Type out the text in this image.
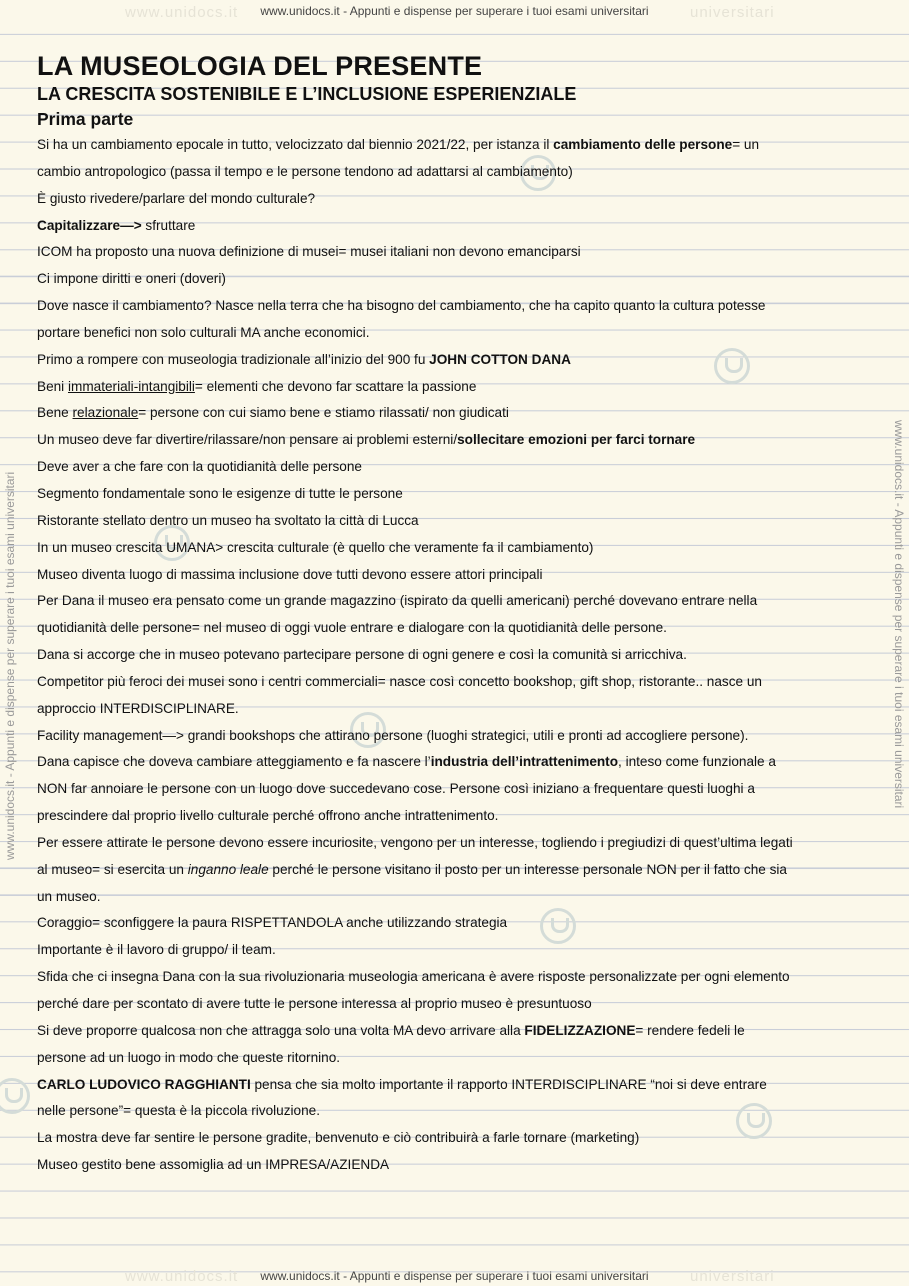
www.unidocs.it	universitari
www.unidocs.it - Appunti e dispense per superare i tuoi esami universitari
www.unidocs.it - Appunti e dispense per superare i tuoi esami universitari	www.unidocs.it - Appunti e dispense per superare i tuoi esami universitari
LA MUSEOLOGIA DEL PRESENTE
LA CRESCITA SOSTENIBILE E L’INCLUSIONE ESPERIENZIALE
Prima parte
Si ha un cambiamento epocale in tutto, velocizzato dal biennio 2021/22, per istanza il cambiamento delle persone= un
cambio antropologico (passa il tempo e le persone tendono ad adattarsi al cambiamento)
È giusto rivedere/parlare del mondo culturale?
Capitalizzare—> sfruttare
ICOM ha proposto una nuova definizione di musei= musei italiani non devono emanciparsi
Ci impone diritti e oneri (doveri)
Dove nasce il cambiamento? Nasce nella terra che ha bisogno del cambiamento, che ha capito quanto la cultura potesse
portare benefici non solo culturali MA anche economici.
Primo a rompere con museologia tradizionale all’inizio del 900 fu JOHN COTTON DANA
Beni immateriali-intangibili= elementi che devono far scattare la passione
Bene relazionale= persone con cui siamo bene e stiamo rilassati/ non giudicati
Un museo deve far divertire/rilassare/non pensare ai problemi esterni/sollecitare emozioni per farci tornare
Deve aver a che fare con la quotidianità delle persone
Segmento fondamentale sono le esigenze di tutte le persone
Ristorante stellato dentro un museo ha svoltato la città di Lucca
In un museo crescita UMANA> crescita culturale (è quello che veramente fa il cambiamento)
Museo diventa luogo di massima inclusione dove tutti devono essere attori principali
Per Dana il museo era pensato come un grande magazzino (ispirato da quelli americani) perché dovevano entrare nella
quotidianità delle persone= nel museo di oggi vuole entrare e dialogare con la quotidianità delle persone.
Dana si accorge che in museo potevano partecipare persone di ogni genere e così la comunità si arricchiva.
Competitor più feroci dei musei sono i centri commerciali= nasce così concetto bookshop, gift shop, ristorante.. nasce un
approccio INTERDISCIPLINARE.
Facility management—> grandi bookshops che attirano persone (luoghi strategici, utili e pronti ad accogliere persone).
Dana capisce che doveva cambiare atteggiamento e fa nascere l’industria dell’intrattenimento, inteso come funzionale a
NON far annoiare le persone con un luogo dove succedevano cose. Persone così iniziano a frequentare questi luoghi a
prescindere dal proprio livello culturale perché offrono anche intrattenimento.
Per essere attirate le persone devono essere incuriosite, vengono per un interesse, togliendo i pregiudizi di quest’ultima legati
al museo= si esercita un inganno leale perché le persone visitano il posto per un interesse personale NON per il fatto che sia
un museo.
Coraggio= sconfiggere la paura RISPETTANDOLA anche utilizzando strategia
Importante è il lavoro di gruppo/ il team.
Sfida che ci insegna Dana con la sua rivoluzionaria museologia americana è avere risposte personalizzate per ogni elemento
perché dare per scontato di avere tutte le persone interessa al proprio museo è presuntuoso
Si deve proporre qualcosa non che attragga solo una volta MA devo arrivare alla FIDELIZZAZIONE= rendere fedeli le
persone ad un luogo in modo che queste ritornino.
CARLO LUDOVICO RAGGHIANTI pensa che sia molto importante il rapporto INTERDISCIPLINARE “noi si deve entrare
nelle persone”= questa è la piccola rivoluzione.
La mostra deve far sentire le persone gradite, benvenuto e ciò contribuirà a farle tornare (marketing)
Museo gestito bene assomiglia ad un IMPRESA/AZIENDA
www.unidocs.it	universitari
www.unidocs.it - Appunti e dispense per superare i tuoi esami universitari
